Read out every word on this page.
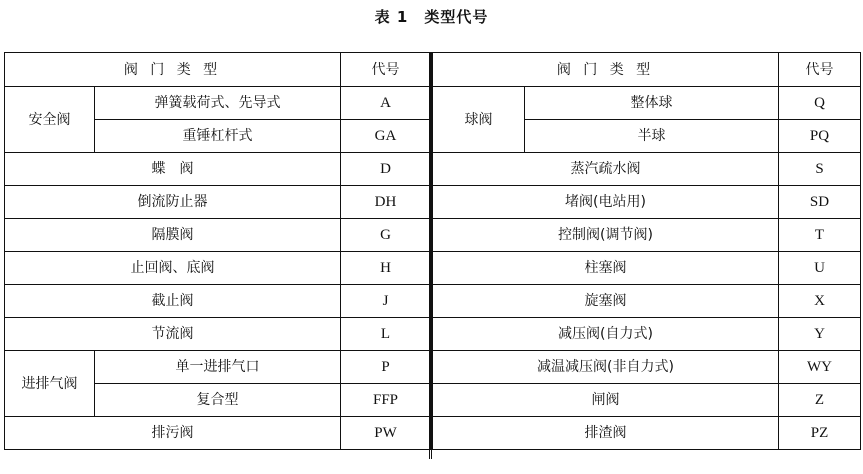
表 1　类型代号
阀 门 类 型		代号
安全阀	弹簧载荷式、先导式	A
	重锤杠杆式	GA
蝶　阀		D
倒流防止器		DH
隔膜阀		G
止回阀、底阀		H
截止阀		J
节流阀		L
进排气阀	单一进排气口	P
	复合型	FFP
排污阀		PW
阀 门 类 型		代号
球阀	整体球	Q
	半球	PQ
蒸汽疏水阀		S
堵阀(电站用)		SD
控制阀(调节阀)		T
柱塞阀		U
旋塞阀		X
减压阀(自力式)		Y
减温减压阀(非自力式)		WY
闸阀		Z
排渣阀		PZ
